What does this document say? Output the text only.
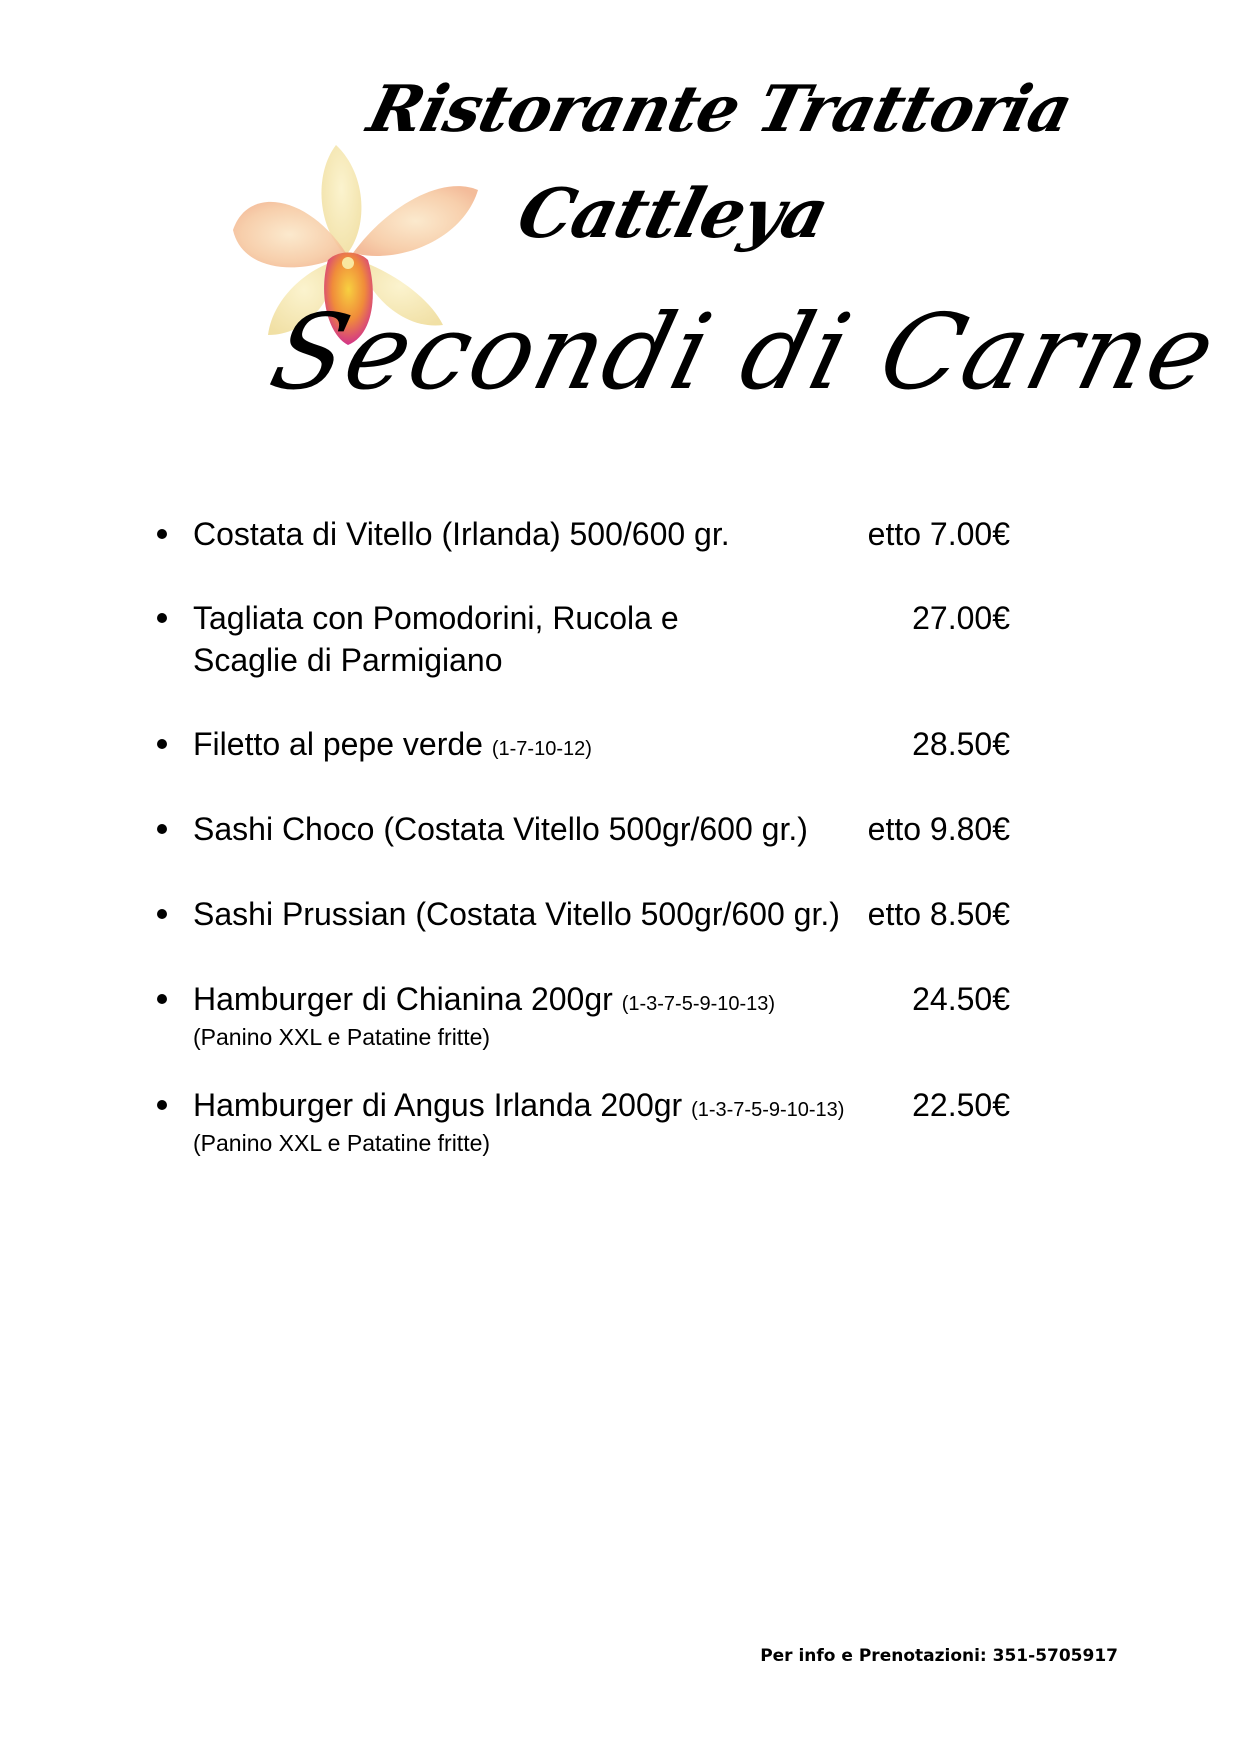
Ristorante Trattoria
Cattleya
Secondi di Carne
Costata di Vitello (Irlanda) 500/600 gr.	etto 7.00€
Tagliata con Pomodorini, Rucola e
Scaglie di Parmigiano
27.00€
Filetto al pepe verde (1-7-10-12)	28.50€
Sashi Choco (Costata Vitello 500gr/600 gr.) etto 9.80€
Sashi Prussian (Costata Vitello 500gr/600 gr.) etto 8.50€
Hamburger di Chianina 200gr (1-3-7-5-9-10-13)
(Panino XXL e Patatine fritte)
24.50€
Hamburger di Angus Irlanda 200gr (1-3-7-5-9-10-13)
(Panino XXL e Patatine fritte)
22.50€
Per info e Prenotazioni: 351-5705917
